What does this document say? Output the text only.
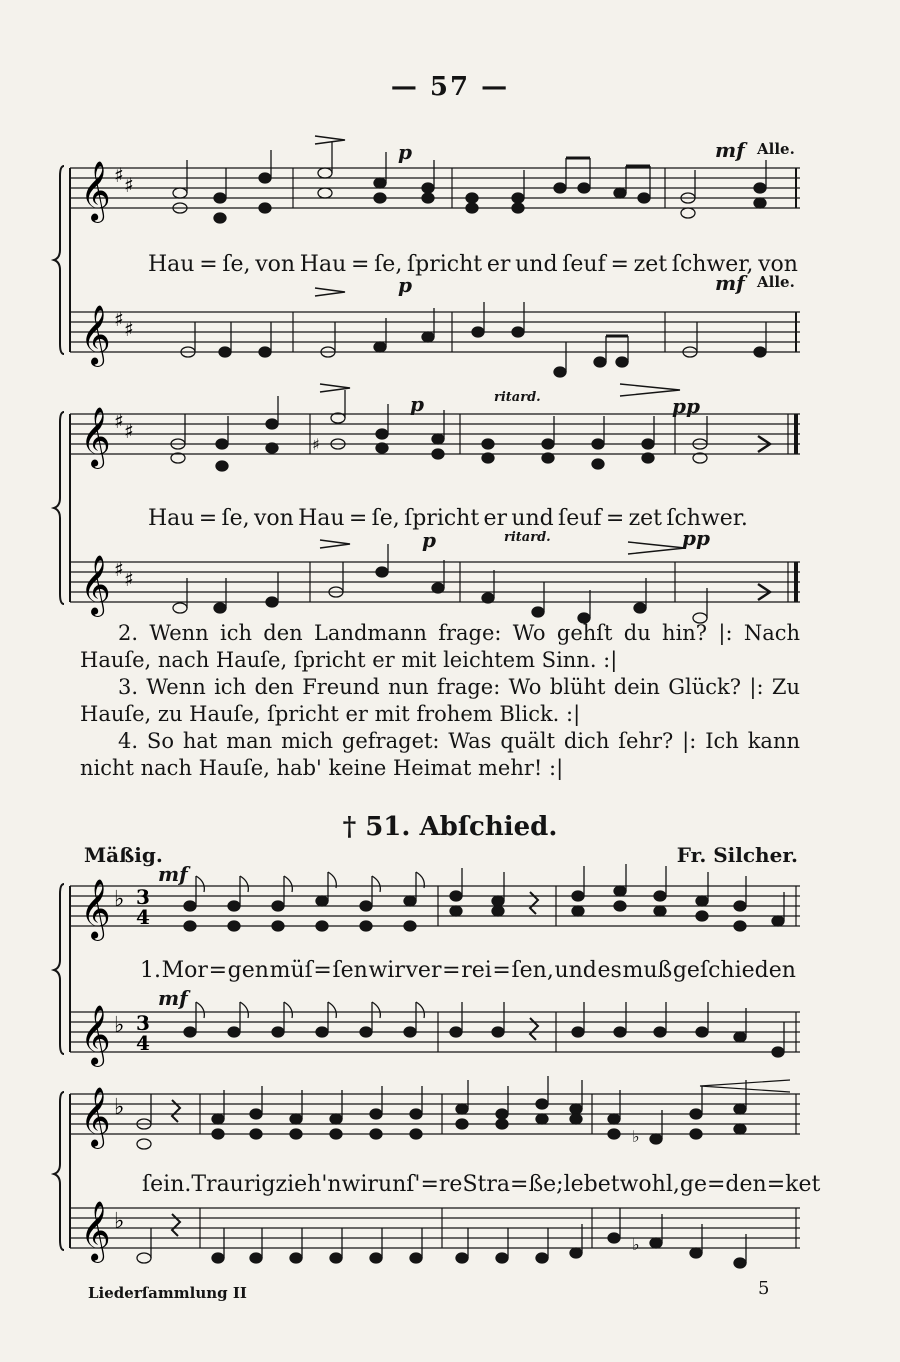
— 57 —
𝄞
𝄞
♯ ♯
♯ ♯
p	mf Alle.
p	mf Alle.
Hau = ſe, von Hau = ſe, ſpricht er und ſeuf = zet ſchwer, von
𝄞
𝄞
♯ ♯
♯ ♯
♯
p	ritard.	pp
p	ritard.	pp
Hau = ſe, von Hau = ſe, ſpricht er und ſeuf = zet ſchwer.

2. Wenn ich den Landmann frage: Wo gehſt du hin? |: Nach Hauſe, nach Hauſe, ſpricht er mit leichtem Sinn. :|

3. Wenn ich den Freund nun frage: Wo blüht dein Glück? |: Zu Hauſe, zu Hauſe, ſpricht er mit frohem Blick. :|

4. So hat man mich gefraget: Was quält dich ſehr? |: Ich kann nicht nach Hauſe, hab' keine Heimat mehr! :|

† 51. Abſchied.
Mäßig.	Fr. Silcher.
𝄞
𝄞
♭
♭
3
4
3
4
mf
mf
1. Mor = gen müſ = ſen wir ver = rei = ſen, und es muß geſchieden
𝄞
𝄞
♭
♭
♭
♭
ſein. Traurig zieh'n wir unſ' = re Stra = ße; lebet wohl, ge = den = ket
Liederſammlung II	5
